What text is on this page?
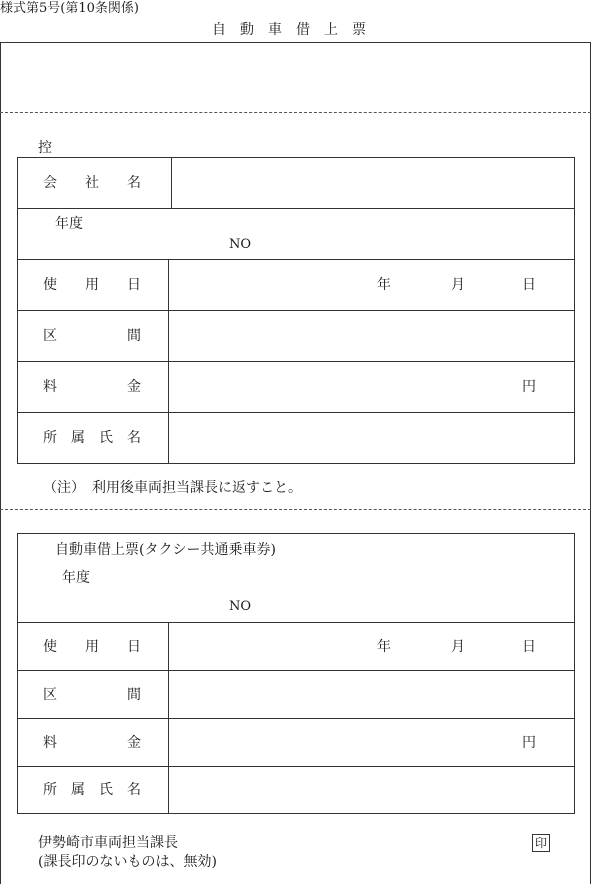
様式第5号(第10条関係)
自　動　車　借　上　票
控
会　　社　　名
年度
NO
使　　用　　日	年	月	日
区　　　　　間
料　　　　　金	円
所　属　氏　名
（注）　利用後車両担当課長に返すこと。
自動車借上票(タクシー共通乗車券)
年度
NO
使　　用　　日	年	月	日
区　　　　　間
料　　　　　金	円
所　属　氏　名
伊勢崎市車両担当課長
(課長印のないものは、無効)
印
